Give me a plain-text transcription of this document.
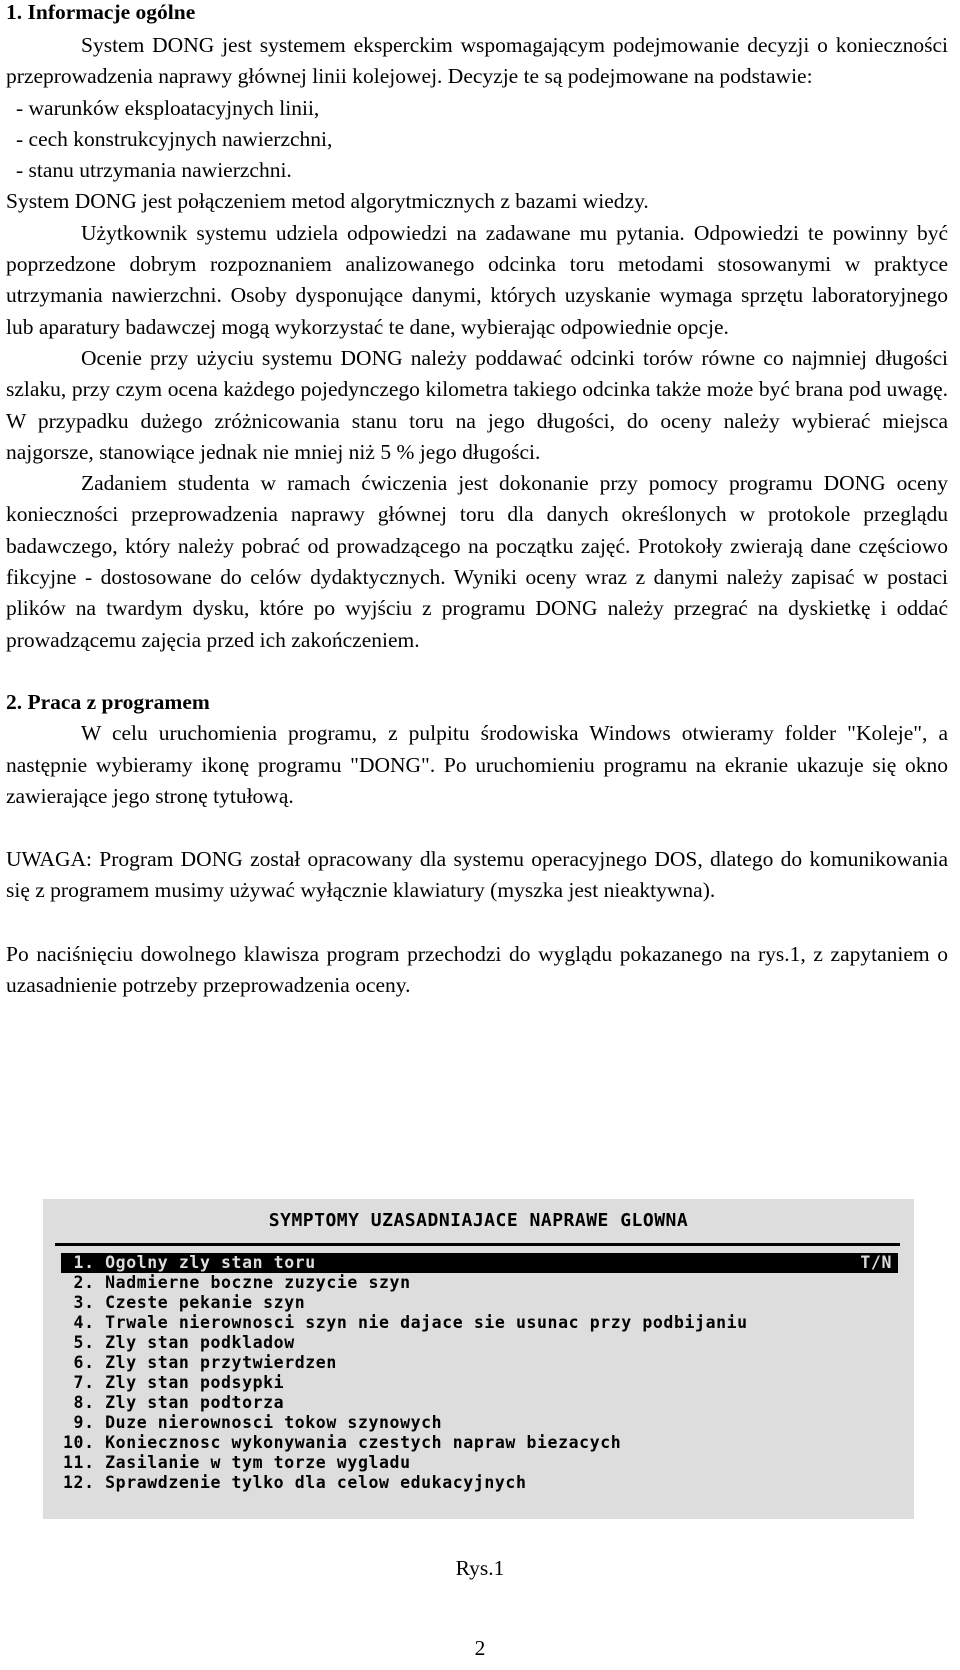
1. Informacje ogólne

System DONG jest systemem eksperckim wspomagającym podejmowanie decyzji o konieczności przeprowadzenia naprawy głównej linii kolejowej. Decyzje te są podejmowane na podstawie:

- warunków eksploatacyjnych linii,
- cech konstrukcyjnych nawierzchni,
- stanu utrzymania nawierzchni.

System DONG jest połączeniem metod algorytmicznych z bazami wiedzy.

Użytkownik systemu udziela odpowiedzi na zadawane mu pytania. Odpowiedzi te powinny być poprzedzone dobrym rozpoznaniem analizowanego odcinka toru metodami stosowanymi w praktyce utrzymania nawierzchni. Osoby dysponujące danymi, których uzyskanie wymaga sprzętu laboratoryjnego lub aparatury badawczej mogą wykorzystać te dane, wybierając odpowiednie opcje.

Ocenie przy użyciu systemu DONG należy poddawać odcinki torów równe co najmniej długości szlaku, przy czym ocena każdego pojedynczego kilometra takiego odcinka także może być brana pod uwagę. W przypadku dużego zróżnicowania stanu toru na jego długości, do oceny należy wybierać miejsca najgorsze, stanowiące jednak nie mniej niż 5 % jego długości.

Zadaniem studenta w ramach ćwiczenia jest dokonanie przy pomocy programu DONG oceny konieczności przeprowadzenia naprawy głównej toru dla danych określonych w protokole przeglądu badawczego, który należy pobrać od prowadzącego na początku zajęć. Protokoły zwierają dane częściowo fikcyjne - dostosowane do celów dydaktycznych. Wyniki oceny wraz z danymi należy zapisać w postaci plików na twardym dysku, które po wyjściu z programu DONG należy przegrać na dyskietkę i oddać prowadzącemu zajęcia przed ich zakończeniem.

2. Praca z programem

W celu uruchomienia programu, z pulpitu środowiska Windows otwieramy folder "Koleje", a następnie wybieramy ikonę programu "DONG". Po uruchomieniu programu na ekranie ukazuje się okno zawierające jego stronę tytułową.

UWAGA: Program DONG został opracowany dla systemu operacyjnego DOS, dlatego do komunikowania się z programem musimy używać wyłącznie klawiatury (myszka jest nieaktywna).

Po naciśnięciu dowolnego klawisza program przechodzi do wyglądu pokazanego na rys.1, z zapytaniem o uzasadnienie potrzeby przeprowadzenia oceny.

SYMPTOMY UZASADNIAJACE NAPRAWE GLOWNA
1. Ogolny zly stan toru	T/N
2. Nadmierne boczne zuzycie szyn
3. Czeste pekanie szyn
4. Trwale nierownosci szyn nie dajace sie usunac przy podbijaniu
5. Zly stan podkladow
6. Zly stan przytwierdzen
7. Zly stan podsypki
8. Zly stan podtorza
9. Duze nierownosci tokow szynowych
10. Koniecznosc wykonywania czestych napraw biezacych
11. Zasilanie w tym torze wygladu
12. Sprawdzenie tylko dla celow edukacyjnych
Rys.1
2
